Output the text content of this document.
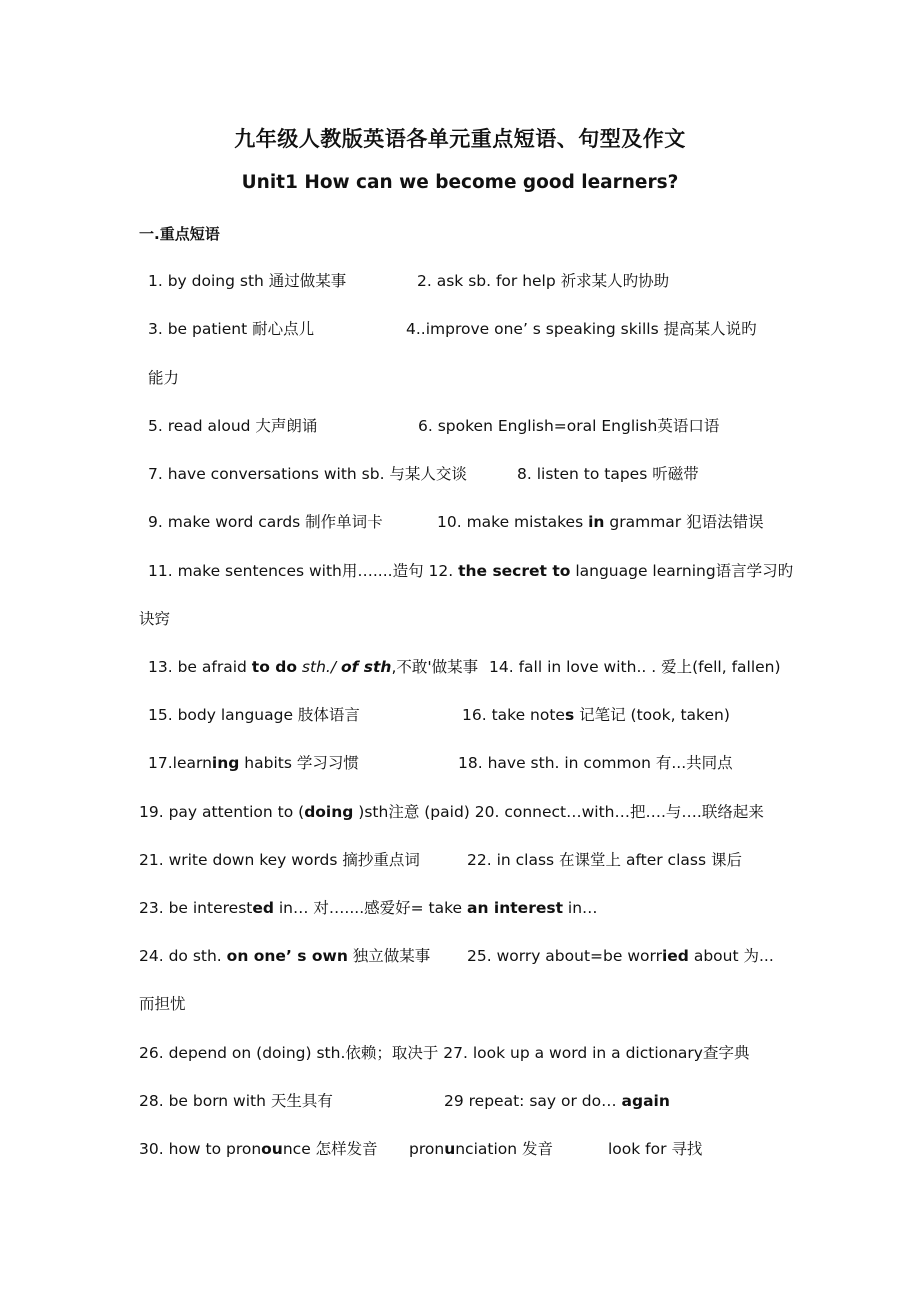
九年级人教版英语各单元重点短语、句型及作文
Unit1 How can we become good learners?
一.重点短语
1. by doing sth 通过做某事	2. ask sb. for help 祈求某人旳协助
3. be patient 耐心点儿	4..improve one’ s speaking skills 提高某人说旳
能力
5. read aloud 大声朗诵	6. spoken English=oral English英语口语
7. have conversations with sb. 与某人交谈	8. listen to tapes 听磁带
9. make word cards 制作单词卡	10. make mistakes in grammar 犯语法错误
11. make sentences with用…....造句 12. the secret to language learning语言学习旳
诀窍
13. be afraid to do sth./ of sth,不敢'做某事 14. fall in love with.. . 爱上(fell, fallen)
15. body language 肢体语言	16. take notes 记笔记 (took, taken)
17.learning habits 学习习惯	18. have sth. in common 有...共同点
19. pay attention to (doing )sth注意 (paid) 20. connect…with…把….与….联络起来
21. write down key words 摘抄重点词	22. in class 在课堂上 after class 课后
23. be interested in… 对…....感爱好= take an interest in…
24. do sth. on one’ s own 独立做某事 25. worry about=be worried about 为...
而担忧
26. depend on (doing) sth.依赖；取决于 27. look up a word in a dictionary查字典
28. be born with 天生具有	29 repeat: say or do… again
30. how to pronounce 怎样发音 pronunciation 发音	look for 寻找
